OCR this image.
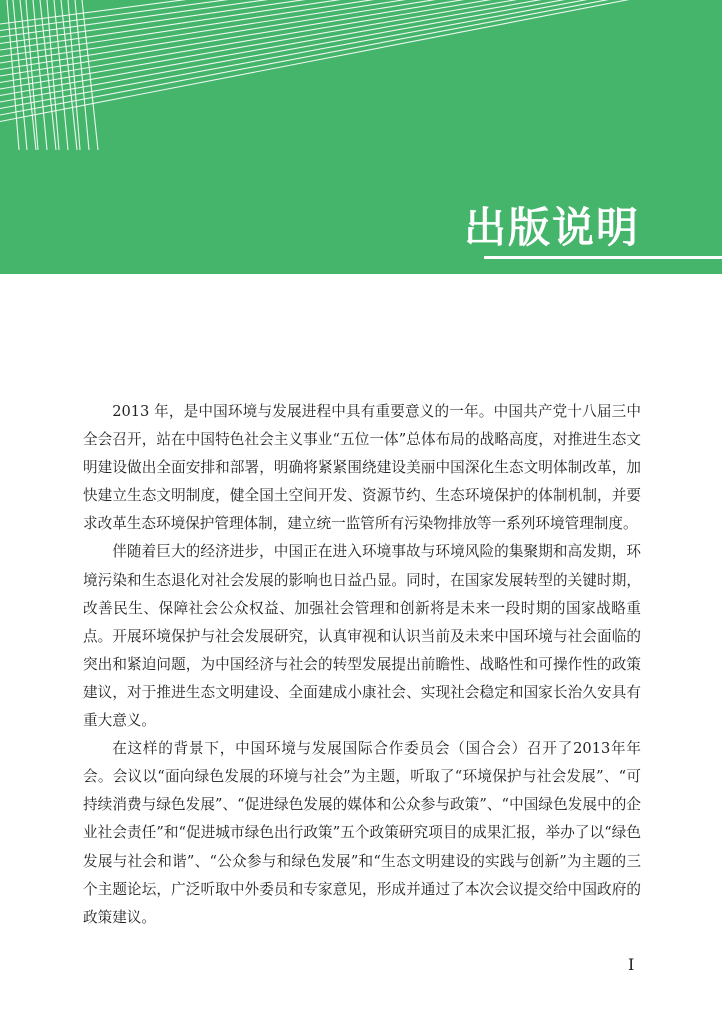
出版说明

2013 年，是中国环境与发展进程中具有重要意义的一年。中国共产党十八届三中全会召开，站在中国特色社会主义事业“五位一体”总体布局的战略高度，对推进生态文明建设做出全面安排和部署，明确将紧紧围绕建设美丽中国深化生态文明体制改革，加快建立生态文明制度，健全国土空间开发、资源节约、生态环境保护的体制机制，并要求改革生态环境保护管理体制，建立统一监管所有污染物排放等一系列环境管理制度。

伴随着巨大的经济进步，中国正在进入环境事故与环境风险的集聚期和高发期，环境污染和生态退化对社会发展的影响也日益凸显。同时，在国家发展转型的关键时期，改善民生、保障社会公众权益、加强社会管理和创新将是未来一段时期的国家战略重点。开展环境保护与社会发展研究，认真审视和认识当前及未来中国环境与社会面临的突出和紧迫问题，为中国经济与社会的转型发展提出前瞻性、战略性和可操作性的政策建议，对于推进生态文明建设、全面建成小康社会、实现社会稳定和国家长治久安具有重大意义。

在这样的背景下，中国环境与发展国际合作委员会（国合会）召开了2013年年会。会议以“面向绿色发展的环境与社会”为主题，听取了“环境保护与社会发展”、“可持续消费与绿色发展”、“促进绿色发展的媒体和公众参与政策”、“中国绿色发展中的企业社会责任”和“促进城市绿色出行政策”五个政策研究项目的成果汇报，举办了以“绿色发展与社会和谐”、“公众参与和绿色发展”和“生态文明建设的实践与创新”为主题的三个主题论坛，广泛听取中外委员和专家意见，形成并通过了本次会议提交给中国政府的政策建议。

I
